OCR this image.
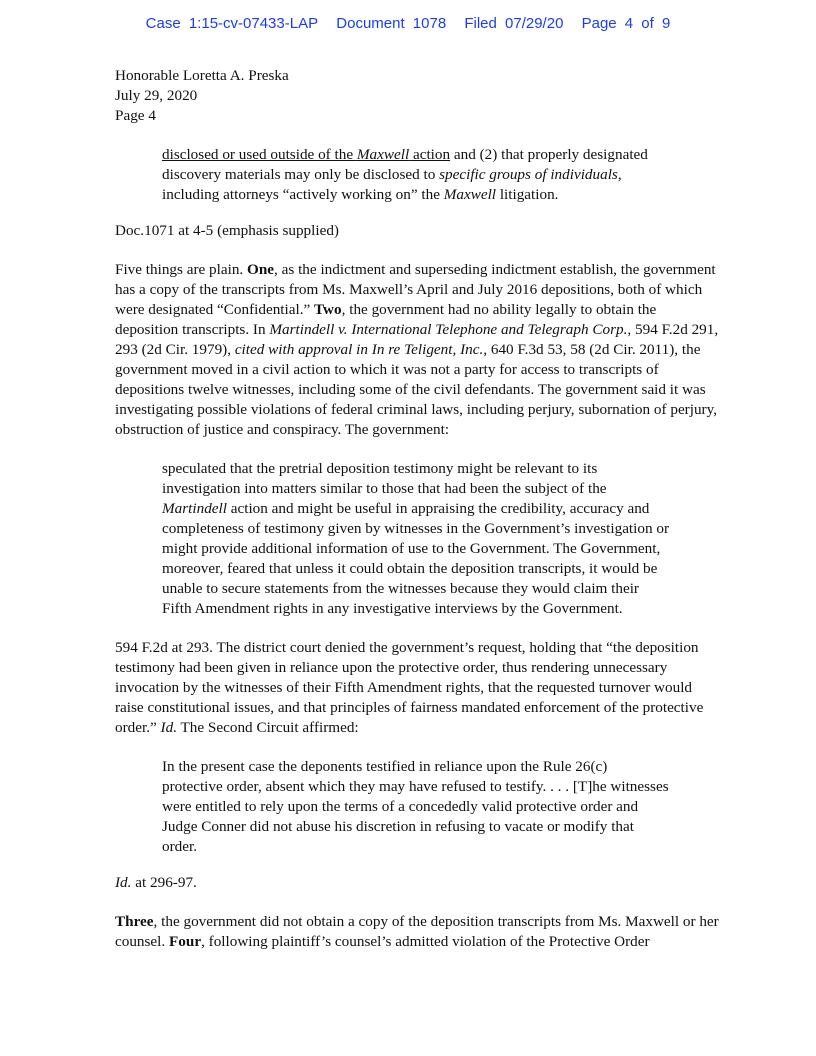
Case 1:15-cv-07433-LAP Document 1078 Filed 07/29/20 Page 4 of 9
Honorable Loretta A. Preska
July 29, 2020
Page 4
disclosed or used outside of the Maxwell action and (2) that properly designated
discovery materials may only be disclosed to specific groups of individuals,
including attorneys “actively working on” the Maxwell litigation.

Doc.1071 at 4-5 (emphasis supplied)

Five things are plain. One, as the indictment and superseding indictment establish, the government has a copy of the transcripts from Ms. Maxwell’s April and July 2016 depositions, both of which were designated “Confidential.” Two, the government had no ability legally to obtain the deposition transcripts. In Martindell v. International Telephone and Telegraph Corp., 594 F.2d 291, 293 (2d Cir. 1979), cited with approval in In re Teligent, Inc., 640 F.3d 53, 58 (2d Cir. 2011), the government moved in a civil action to which it was not a party for access to transcripts of depositions twelve witnesses, including some of the civil defendants. The government said it was investigating possible violations of federal criminal laws, including perjury, subornation of perjury, obstruction of justice and conspiracy. The government:

speculated that the pretrial deposition testimony might be relevant to its investigation into matters similar to those that had been the subject of the Martindell action and might be useful in appraising the credibility, accuracy and completeness of testimony given by witnesses in the Government’s investigation or might provide additional information of use to the Government. The Government, moreover, feared that unless it could obtain the deposition transcripts, it would be unable to secure statements from the witnesses because they would claim their Fifth Amendment rights in any investigative interviews by the Government.

594 F.2d at 293. The district court denied the government’s request, holding that “the deposition testimony had been given in reliance upon the protective order, thus rendering unnecessary invocation by the witnesses of their Fifth Amendment rights, that the requested turnover would raise constitutional issues, and that principles of fairness mandated enforcement of the protective order.” Id. The Second Circuit affirmed:

In the present case the deponents testified in reliance upon the Rule 26(c) protective order, absent which they may have refused to testify. . . . [T]he witnesses were entitled to rely upon the terms of a concededly valid protective order and Judge Conner did not abuse his discretion in refusing to vacate or modify that order.

Id. at 296-97.

Three, the government did not obtain a copy of the deposition transcripts from Ms. Maxwell or her counsel. Four, following plaintiff’s counsel’s admitted violation of the Protective Order
